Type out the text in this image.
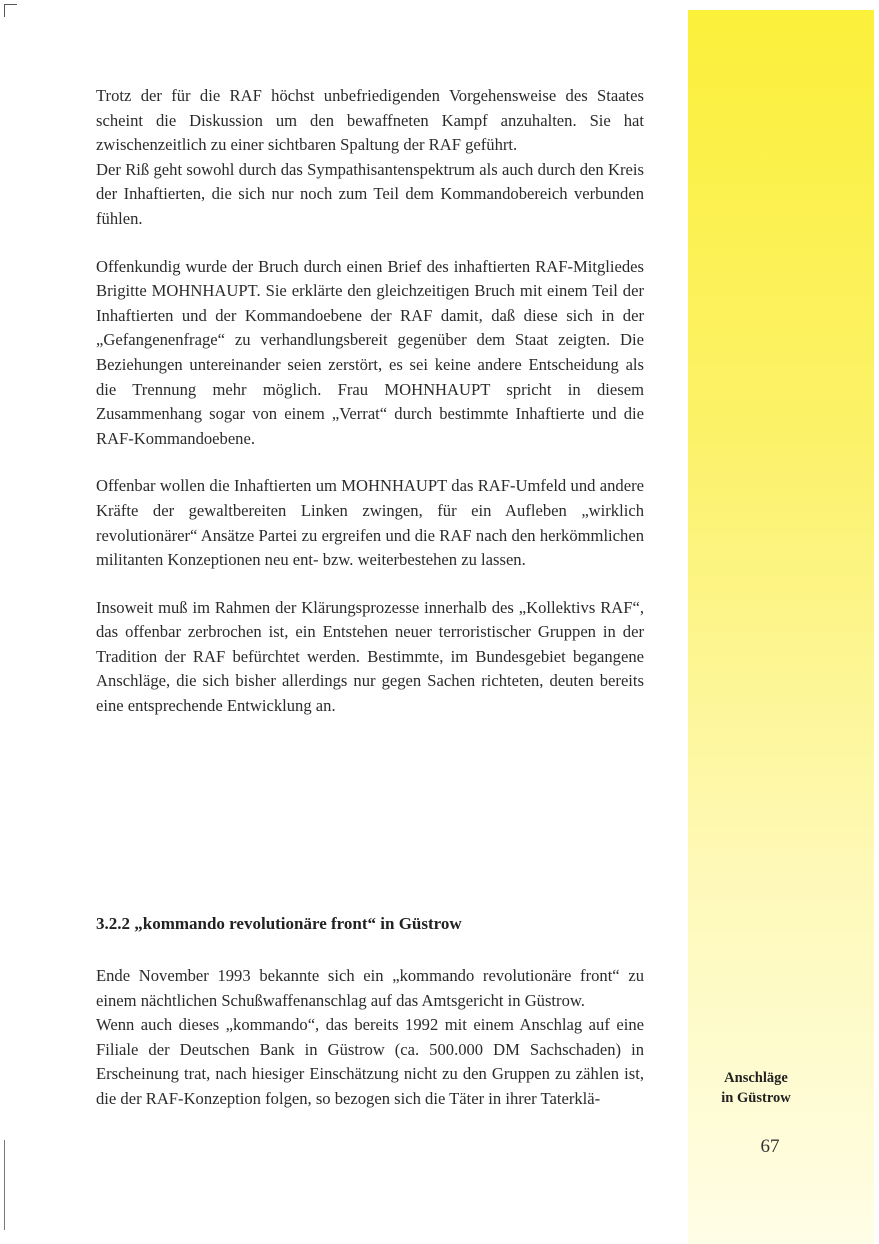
Trotz der für die RAF höchst unbefriedigenden Vorgehensweise des Staates scheint die Diskussion um den bewaffneten Kampf anzuhalten. Sie hat zwischenzeitlich zu einer sichtbaren Spaltung der RAF geführt.

Der Riß geht sowohl durch das Sympathisantenspektrum als auch durch den Kreis der Inhaftierten, die sich nur noch zum Teil dem Kommandobereich verbunden fühlen.

Offenkundig wurde der Bruch durch einen Brief des inhaftierten RAF-Mitgliedes Brigitte MOHNHAUPT. Sie erklärte den gleichzeitigen Bruch mit einem Teil der Inhaftierten und der Kommandoebene der RAF damit, daß diese sich in der „Gefangenenfrage“ zu verhandlungsbereit gegenüber dem Staat zeigten. Die Beziehungen untereinander seien zerstört, es sei keine andere Entscheidung als die Trennung mehr möglich. Frau MOHNHAUPT spricht in diesem Zusammenhang sogar von einem „Verrat“ durch bestimmte Inhaftierte und die RAF-Kommandoebene.

Offenbar wollen die Inhaftierten um MOHNHAUPT das RAF-Umfeld und andere Kräfte der gewaltbereiten Linken zwingen, für ein Aufleben „wirklich revolutionärer“ Ansätze Partei zu ergreifen und die RAF nach den herkömmlichen militanten Konzeptionen neu ent- bzw. weiterbestehen zu lassen.

Insoweit muß im Rahmen der Klärungsprozesse innerhalb des „Kollektivs RAF“, das offenbar zerbrochen ist, ein Entstehen neuer terroristischer Gruppen in der Tradition der RAF befürchtet werden. Bestimmte, im Bundesgebiet begangene Anschläge, die sich bisher allerdings nur gegen Sachen richteten, deuten bereits eine entsprechende Entwicklung an.

3.2.2 „kommando revolutionäre front“ in Güstrow

Ende November 1993 bekannte sich ein „kommando revolutionäre front“ zu einem nächtlichen Schußwaffenanschlag auf das Amtsgericht in Güstrow.

Wenn auch dieses „kommando“, das bereits 1992 mit einem Anschlag auf eine Filiale der Deutschen Bank in Güstrow (ca. 500.000 DM Sachschaden) in Erscheinung trat, nach hiesiger Einschätzung nicht zu den Gruppen zu zählen ist, die der RAF-Konzeption folgen, so bezogen sich die Täter in ihrer Taterklä-

Anschläge
in Güstrow
67
